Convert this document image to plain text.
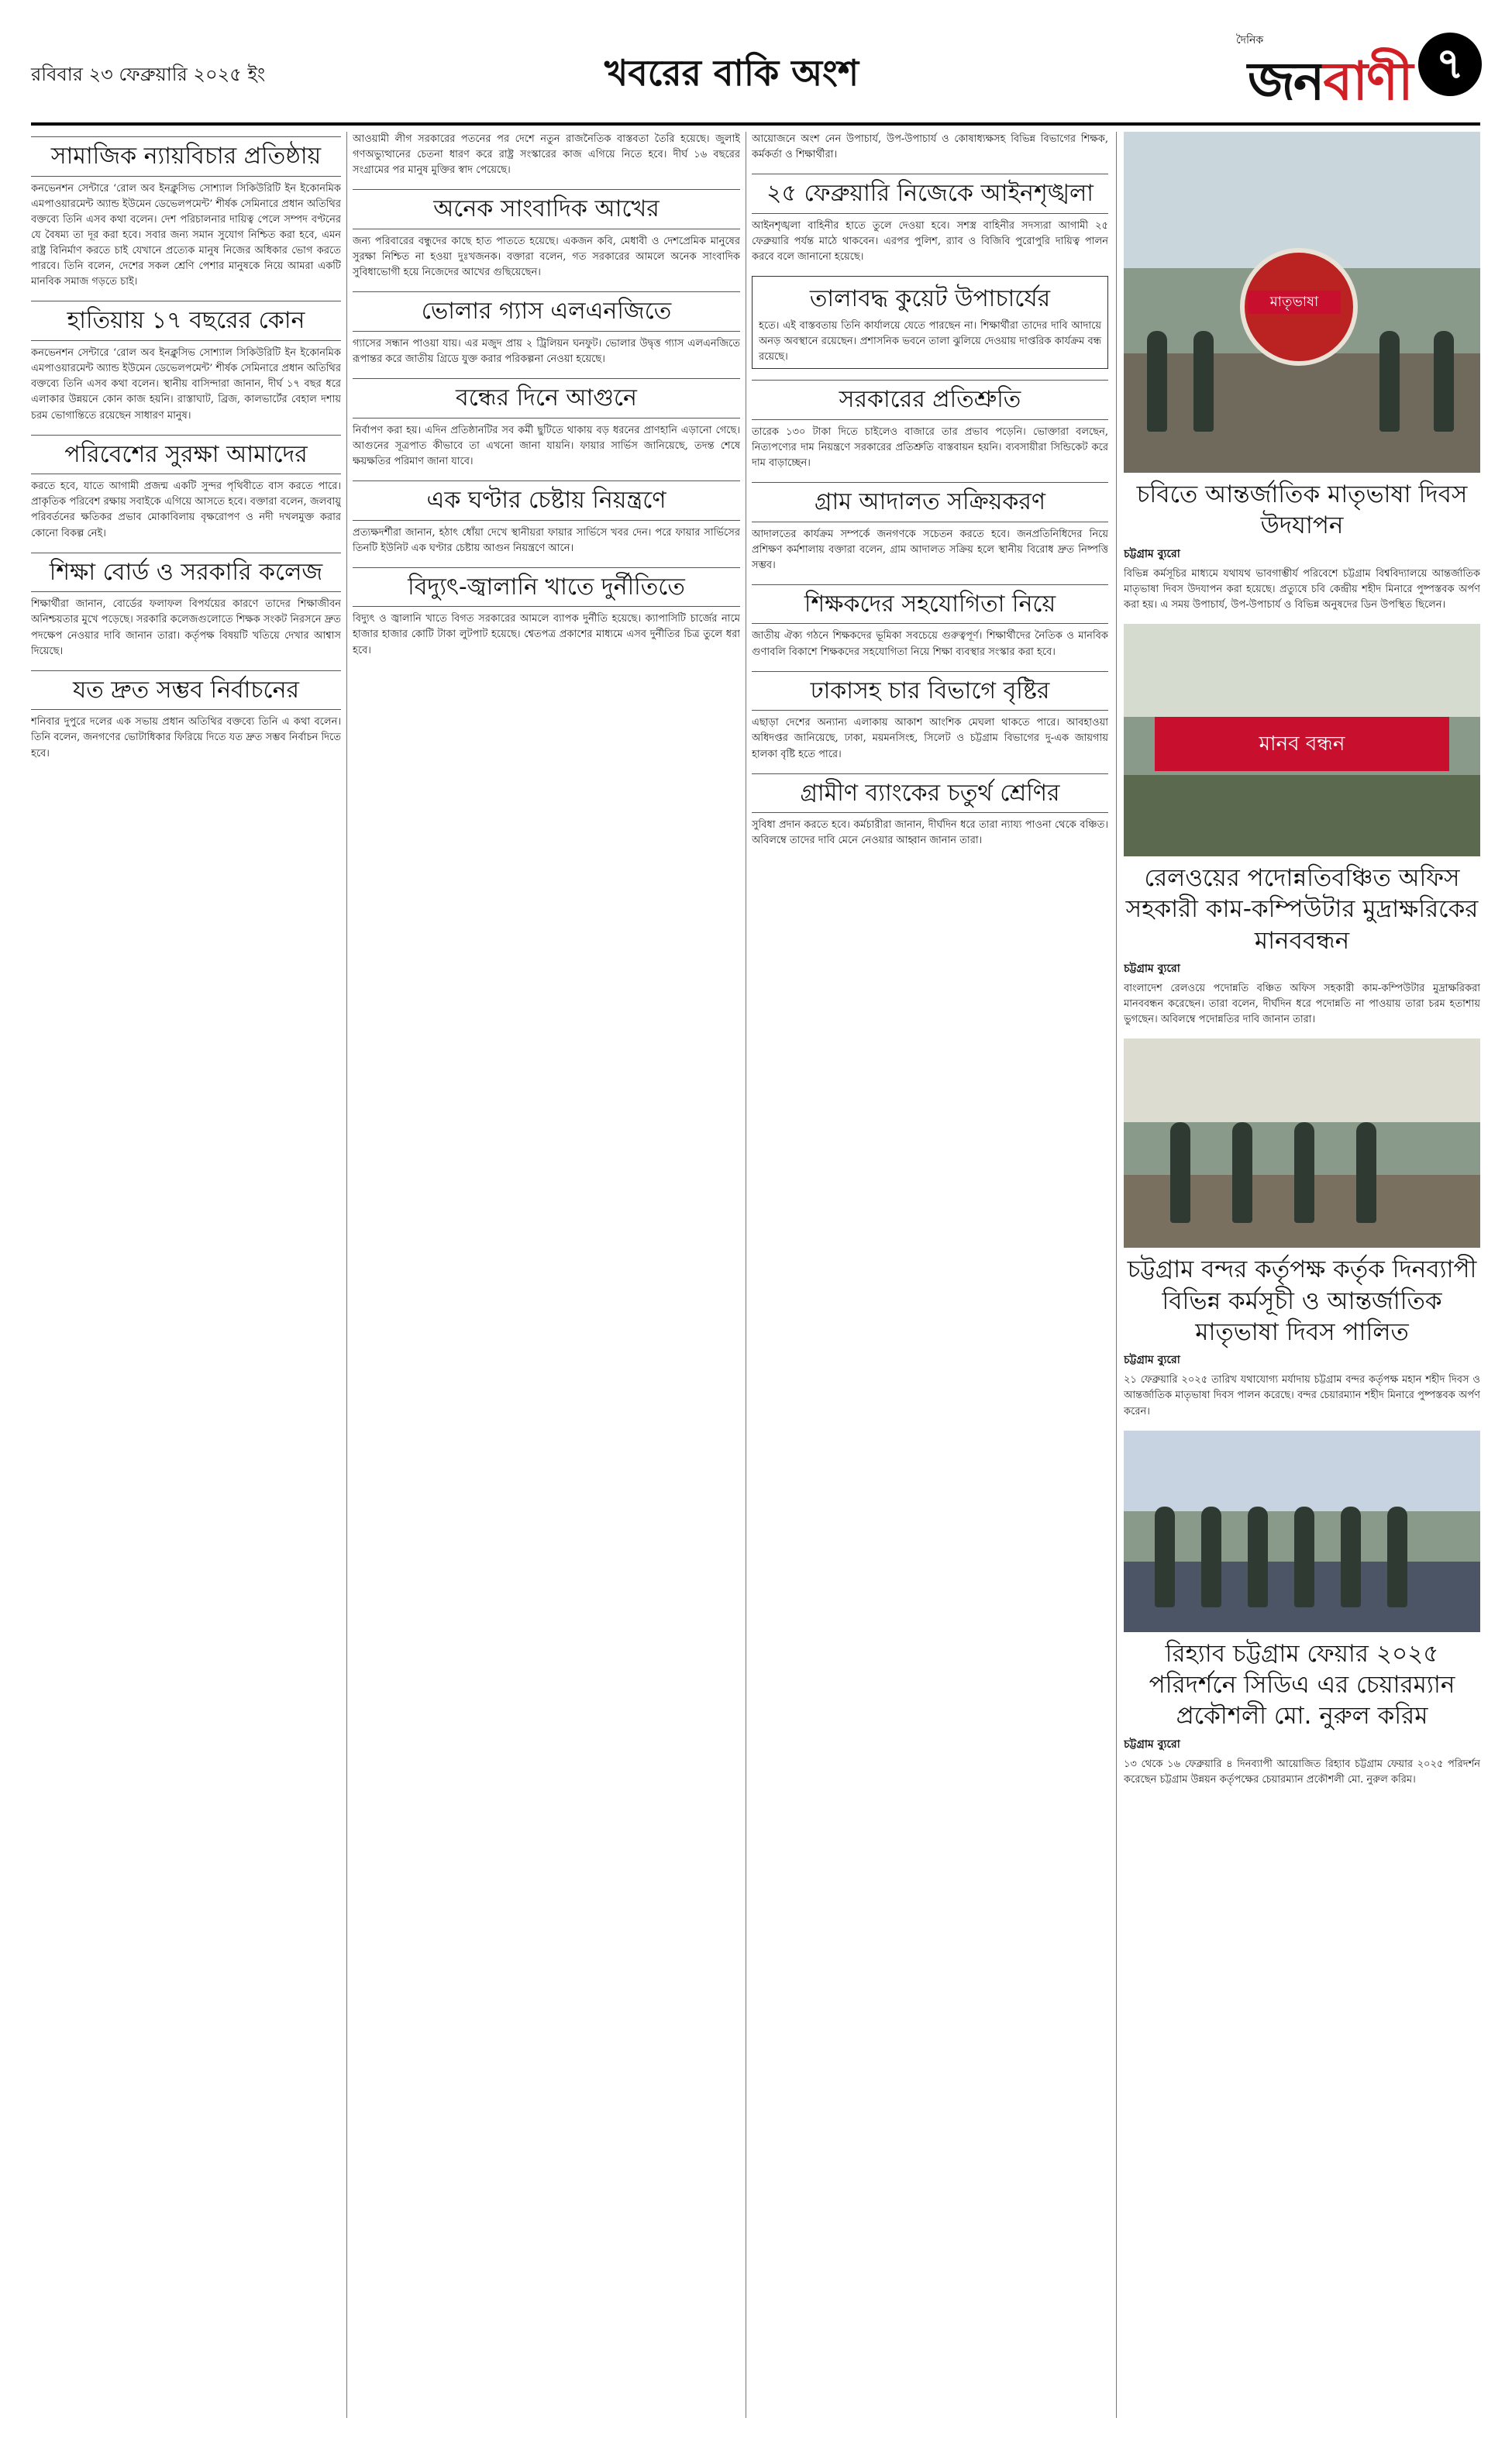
রবিবার ২৩ ফেব্রুয়ারি ২০২৫ ইং	খবরের বাকি অংশ
দৈনিক
জনবাণী ৭
সামাজিক ন্যায়বিচার প্রতিষ্ঠায়

কনভেনশন সেন্টারে ‘রোল অব ইনক্লুসিভ সোশ্যাল সিকিউরিটি ইন ইকোনমিক এমপাওয়ারমেন্ট অ্যান্ড ইউমেন ডেভেলপমেন্ট’ শীর্ষক সেমিনারে প্রধান অতিথির বক্তব্যে তিনি এসব কথা বলেন। দেশ পরিচালনার দায়িত্ব পেলে সম্পদ বণ্টনের যে বৈষম্য তা দূর করা হবে। সবার জন্য সমান সুযোগ নিশ্চিত করা হবে, এমন রাষ্ট্র বিনির্মাণ করতে চাই যেখানে প্রত্যেক মানুষ নিজের অধিকার ভোগ করতে পারবে। তিনি বলেন, দেশের সকল শ্রেণি পেশার মানুষকে নিয়ে আমরা একটি মানবিক সমাজ গড়তে চাই।

হাতিয়ায় ১৭ বছরের কোন

কনভেনশন সেন্টারে ‘রোল অব ইনক্লুসিভ সোশ্যাল সিকিউরিটি ইন ইকোনমিক এমপাওয়ারমেন্ট অ্যান্ড ইউমেন ডেভেলপমেন্ট’ শীর্ষক সেমিনারে প্রধান অতিথির বক্তব্যে তিনি এসব কথা বলেন। স্থানীয় বাসিন্দারা জানান, দীর্ঘ ১৭ বছর ধরে এলাকার উন্নয়নে কোন কাজ হয়নি। রাস্তাঘাট, ব্রিজ, কালভার্টের বেহাল দশায় চরম ভোগান্তিতে রয়েছেন সাধারণ মানুষ।

পরিবেশের সুরক্ষা আমাদের

করতে হবে, যাতে আগামী প্রজন্ম একটি সুন্দর পৃথিবীতে বাস করতে পারে। প্রাকৃতিক পরিবেশ রক্ষায় সবাইকে এগিয়ে আসতে হবে। বক্তারা বলেন, জলবায়ু পরিবর্তনের ক্ষতিকর প্রভাব মোকাবিলায় বৃক্ষরোপণ ও নদী দখলমুক্ত করার কোনো বিকল্প নেই।

শিক্ষা বোর্ড ও সরকারি কলেজ

শিক্ষার্থীরা জানান, বোর্ডের ফলাফল বিপর্যয়ের কারণে তাদের শিক্ষাজীবন অনিশ্চয়তার মুখে পড়েছে। সরকারি কলেজগুলোতে শিক্ষক সংকট নিরসনে দ্রুত পদক্ষেপ নেওয়ার দাবি জানান তারা। কর্তৃপক্ষ বিষয়টি খতিয়ে দেখার আশ্বাস দিয়েছে।

যত দ্রুত সম্ভব নির্বাচনের

শনিবার দুপুরে দলের এক সভায় প্রধান অতিথির বক্তব্যে তিনি এ কথা বলেন। তিনি বলেন, জনগণের ভোটাধিকার ফিরিয়ে দিতে যত দ্রুত সম্ভব নির্বাচন দিতে হবে।

আওয়ামী লীগ সরকারের পতনের পর দেশে নতুন রাজনৈতিক বাস্তবতা তৈরি হয়েছে। জুলাই গণঅভ্যুত্থানের চেতনা ধারণ করে রাষ্ট্র সংস্কারের কাজ এগিয়ে নিতে হবে। দীর্ঘ ১৬ বছরের সংগ্রামের পর মানুষ মুক্তির স্বাদ পেয়েছে।

অনেক সাংবাদিক আখের

জন্য পরিবারের বন্ধুদের কাছে হাত পাততে হয়েছে। একজন কবি, মেধাবী ও দেশপ্রেমিক মানুষের সুরক্ষা নিশ্চিত না হওয়া দুঃখজনক। বক্তারা বলেন, গত সরকারের আমলে অনেক সাংবাদিক সুবিধাভোগী হয়ে নিজেদের আখের গুছিয়েছেন।

ভোলার গ্যাস এলএনজিতে

গ্যাসের সন্ধান পাওয়া যায়। এর মজুদ প্রায় ২ ট্রিলিয়ন ঘনফুট। ভোলার উদ্বৃত্ত গ্যাস এলএনজিতে রূপান্তর করে জাতীয় গ্রিডে যুক্ত করার পরিকল্পনা নেওয়া হয়েছে।

বন্ধের দিনে আগুনে

নির্বাপণ করা হয়। এদিন প্রতিষ্ঠানটির সব কর্মী ছুটিতে থাকায় বড় ধরনের প্রাণহানি এড়ানো গেছে। আগুনের সূত্রপাত কীভাবে তা এখনো জানা যায়নি। ফায়ার সার্ভিস জানিয়েছে, তদন্ত শেষে ক্ষয়ক্ষতির পরিমাণ জানা যাবে।

এক ঘণ্টার চেষ্টায় নিয়ন্ত্রণে

প্রত্যক্ষদর্শীরা জানান, হঠাৎ ধোঁয়া দেখে স্থানীয়রা ফায়ার সার্ভিসে খবর দেন। পরে ফায়ার সার্ভিসের তিনটি ইউনিট এক ঘণ্টার চেষ্টায় আগুন নিয়ন্ত্রণে আনে।

বিদ্যুৎ-জ্বালানি খাতে দুর্নীতিতে

বিদ্যুৎ ও জ্বালানি খাতে বিগত সরকারের আমলে ব্যাপক দুর্নীতি হয়েছে। ক্যাপাসিটি চার্জের নামে হাজার হাজার কোটি টাকা লুটপাট হয়েছে। শ্বেতপত্র প্রকাশের মাধ্যমে এসব দুর্নীতির চিত্র তুলে ধরা হবে।

আয়োজনে অংশ নেন উপাচার্য, উপ-উপাচার্য ও কোষাধ্যক্ষসহ বিভিন্ন বিভাগের শিক্ষক, কর্মকর্তা ও শিক্ষার্থীরা।

২৫ ফেব্রুয়ারি নিজেকে আইনশৃঙ্খলা

আইনশৃঙ্খলা বাহিনীর হাতে তুলে দেওয়া হবে। সশস্ত্র বাহিনীর সদস্যরা আগামী ২৫ ফেব্রুয়ারি পর্যন্ত মাঠে থাকবেন। এরপর পুলিশ, র‍্যাব ও বিজিবি পুরোপুরি দায়িত্ব পালন করবে বলে জানানো হয়েছে।

তালাবদ্ধ কুয়েট উপাচার্যের

হতে। এই বাস্তবতায় তিনি কার্যালয়ে যেতে পারছেন না। শিক্ষার্থীরা তাদের দাবি আদায়ে অনড় অবস্থানে রয়েছেন। প্রশাসনিক ভবনে তালা ঝুলিয়ে দেওয়ায় দাপ্তরিক কার্যক্রম বন্ধ রয়েছে।

সরকারের প্রতিশ্রুতি

তারেক ১৩০ টাকা দিতে চাইলেও বাজারে তার প্রভাব পড়েনি। ভোক্তারা বলছেন, নিত্যপণ্যের দাম নিয়ন্ত্রণে সরকারের প্রতিশ্রুতি বাস্তবায়ন হয়নি। ব্যবসায়ীরা সিন্ডিকেট করে দাম বাড়াচ্ছেন।

গ্রাম আদালত সক্রিয়করণ

আদালতের কার্যক্রম সম্পর্কে জনগণকে সচেতন করতে হবে। জনপ্রতিনিধিদের নিয়ে প্রশিক্ষণ কর্মশালায় বক্তারা বলেন, গ্রাম আদালত সক্রিয় হলে স্থানীয় বিরোধ দ্রুত নিষ্পত্তি সম্ভব।

শিক্ষকদের সহযোগিতা নিয়ে

জাতীয় ঐক্য গঠনে শিক্ষকদের ভূমিকা সবচেয়ে গুরুত্বপূর্ণ। শিক্ষার্থীদের নৈতিক ও মানবিক গুণাবলি বিকাশে শিক্ষকদের সহযোগিতা নিয়ে শিক্ষা ব্যবস্থার সংস্কার করা হবে।

ঢাকাসহ চার বিভাগে বৃষ্টির

এছাড়া দেশের অন্যান্য এলাকায় আকাশ আংশিক মেঘলা থাকতে পারে। আবহাওয়া অধিদপ্তর জানিয়েছে, ঢাকা, ময়মনসিংহ, সিলেট ও চট্টগ্রাম বিভাগের দু-এক জায়গায় হালকা বৃষ্টি হতে পারে।

গ্রামীণ ব্যাংকের চতুর্থ শ্রেণির

সুবিধা প্রদান করতে হবে। কর্মচারীরা জানান, দীর্ঘদিন ধরে তারা ন্যায্য পাওনা থেকে বঞ্চিত। অবিলম্বে তাদের দাবি মেনে নেওয়ার আহ্বান জানান তারা।

মাতৃভাষা
চবিতে আন্তর্জাতিক মাতৃভাষা দিবস উদযাপন
চট্টগ্রাম ব্যুরো

বিভিন্ন কর্মসূচির মাধ্যমে যথাযথ ভাবগাম্ভীর্য পরিবেশে চট্টগ্রাম বিশ্ববিদ্যালয়ে আন্তর্জাতিক মাতৃভাষা দিবস উদযাপন করা হয়েছে। প্রত্যুষে চবি কেন্দ্রীয় শহীদ মিনারে পুষ্পস্তবক অর্পণ করা হয়। এ সময় উপাচার্য, উপ-উপাচার্য ও বিভিন্ন অনুষদের ডিন উপস্থিত ছিলেন।

মানব বন্ধন
রেলওয়ের পদোন্নতিবঞ্চিত অফিস সহকারী কাম-কম্পিউটার মুদ্রাক্ষরিকের মানববন্ধন
চট্টগ্রাম ব্যুরো

বাংলাদেশ রেলওয়ে পদোন্নতি বঞ্চিত অফিস সহকারী কাম-কম্পিউটার মুদ্রাক্ষরিকরা মানববন্ধন করেছেন। তারা বলেন, দীর্ঘদিন ধরে পদোন্নতি না পাওয়ায় তারা চরম হতাশায় ভুগছেন। অবিলম্বে পদোন্নতির দাবি জানান তারা।

চট্টগ্রাম বন্দর কর্তৃপক্ষ কর্তৃক দিনব্যাপী বিভিন্ন কর্মসূচী ও আন্তর্জাতিক মাতৃভাষা দিবস পালিত
চট্টগ্রাম ব্যুরো

২১ ফেব্রুয়ারি ২০২৫ তারিখ যথাযোগ্য মর্যাদায় চট্টগ্রাম বন্দর কর্তৃপক্ষ মহান শহীদ দিবস ও আন্তর্জাতিক মাতৃভাষা দিবস পালন করেছে। বন্দর চেয়ারম্যান শহীদ মিনারে পুষ্পস্তবক অর্পণ করেন।

রিহ্যাব চট্টগ্রাম ফেয়ার ২০২৫ পরিদর্শনে সিডিএ এর চেয়ারম্যান প্রকৌশলী মো. নুরুল করিম
চট্টগ্রাম ব্যুরো

১৩ থেকে ১৬ ফেব্রুয়ারি ৪ দিনব্যাপী আয়োজিত রিহ্যাব চট্টগ্রাম ফেয়ার ২০২৫ পরিদর্শন করেছেন চট্টগ্রাম উন্নয়ন কর্তৃপক্ষের চেয়ারম্যান প্রকৌশলী মো. নুরুল করিম।
